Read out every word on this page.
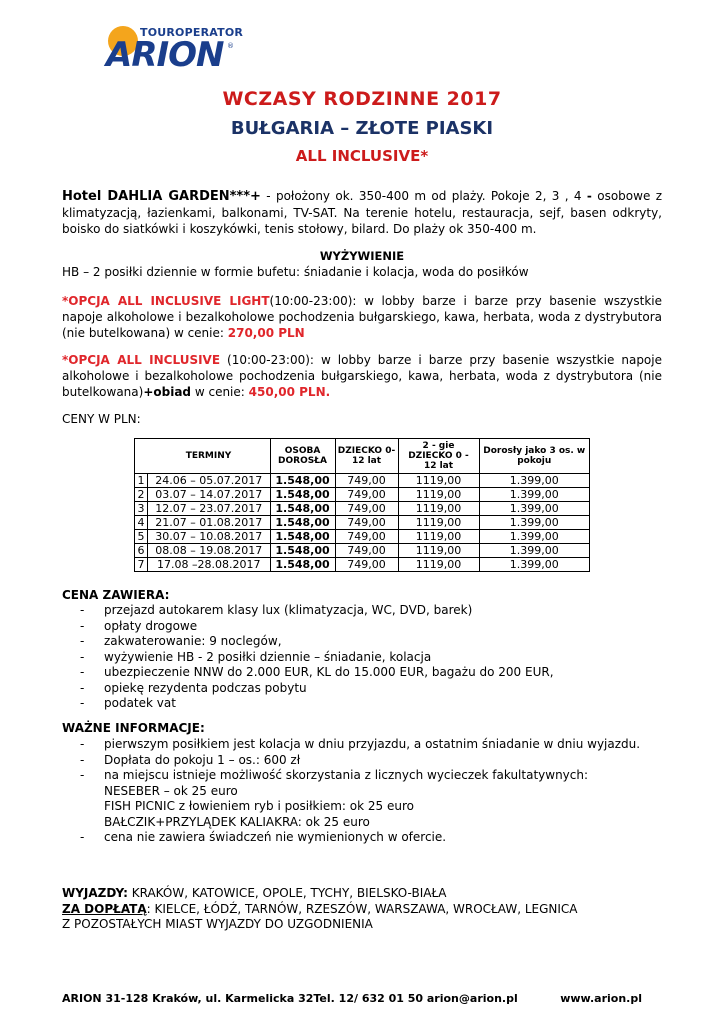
TOUROPERATOR
ARION ®
WCZASY RODZINNE 2017
BUŁGARIA – ZŁOTE PIASKI
ALL INCLUSIVE*
Hotel DAHLIA GARDEN***+ - położony ok. 350-400 m od plaży. Pokoje 2, 3 , 4 - osobowe z klimatyzacją, łazienkami, balkonami, TV-SAT. Na terenie hotelu, restauracja, sejf, basen odkryty, boisko do siatkówki i koszykówki, tenis stołowy, bilard. Do plaży ok 350-400 m.
WYŻYWIENIE
HB – 2 posiłki dziennie w formie bufetu: śniadanie i kolacja, woda do posiłków
*OPCJA ALL INCLUSIVE LIGHT(10:00-23:00): w lobby barze i barze przy basenie wszystkie napoje alkoholowe i bezalkoholowe pochodzenia bułgarskiego, kawa, herbata, woda z dystrybutora (nie butelkowana) w cenie: 270,00 PLN
*OPCJA ALL INCLUSIVE (10:00-23:00): w lobby barze i barze przy basenie wszystkie napoje alkoholowe i bezalkoholowe pochodzenia bułgarskiego, kawa, herbata, woda z dystrybutora (nie butelkowana)+obiad w cenie: 450,00 PLN.
CENY W PLN:
	TERMINY	OSOBA DOROSŁA	DZIECKO 0-12 lat	2 - gie DZIECKO 0 - 12 lat	Dorosły jako 3 os. w pokoju
1	24.06 – 05.07.2017	1.548,00	749,00	1119,00	1.399,00
2	03.07 – 14.07.2017	1.548,00	749,00	1119,00	1.399,00
3	12.07 – 23.07.2017	1.548,00	749,00	1119,00	1.399,00
4	21.07 – 01.08.2017	1.548,00	749,00	1119,00	1.399,00
5	30.07 – 10.08.2017	1.548,00	749,00	1119,00	1.399,00
6	08.08 – 19.08.2017	1.548,00	749,00	1119,00	1.399,00
7	17.08 –28.08.2017	1.548,00	749,00	1119,00	1.399,00
CENA ZAWIERA:
- przejazd autokarem klasy lux (klimatyzacja, WC, DVD, barek)
- opłaty drogowe
- zakwaterowanie: 9 noclegów,
- wyżywienie HB - 2 posiłki dziennie – śniadanie, kolacja
- ubezpieczenie NNW do 2.000 EUR, KL do 15.000 EUR, bagażu do 200 EUR,
- opiekę rezydenta podczas pobytu
- podatek vat
WAŻNE INFORMACJE:
- pierwszym posiłkiem jest kolacja w dniu przyjazdu, a ostatnim śniadanie w dniu wyjazdu.
- Dopłata do pokoju 1 – os.: 600 zł
- na miejscu istnieje możliwość skorzystania z licznych wycieczek fakultatywnych:
NESEBER – ok 25 euro
FISH PICNIC z łowieniem ryb i posiłkiem: ok 25 euro
BAŁCZIK+PRZYLĄDEK KALIAKRA: ok 25 euro
- cena nie zawiera świadczeń nie wymienionych w ofercie.
WYJAZDY: KRAKÓW, KATOWICE, OPOLE, TYCHY, BIELSKO-BIAŁA
ZA DOPŁATĄ: KIELCE, ŁÓDŹ, TARNÓW, RZESZÓW, WARSZAWA, WROCŁAW, LEGNICA
Z POZOSTAŁYCH MIAST WYJAZDY DO UZGODNIENIA
ARION 31-128 Kraków, ul. Karmelicka 32Tel. 12/ 632 01 50 arion@arion.pl	www.arion.pl
